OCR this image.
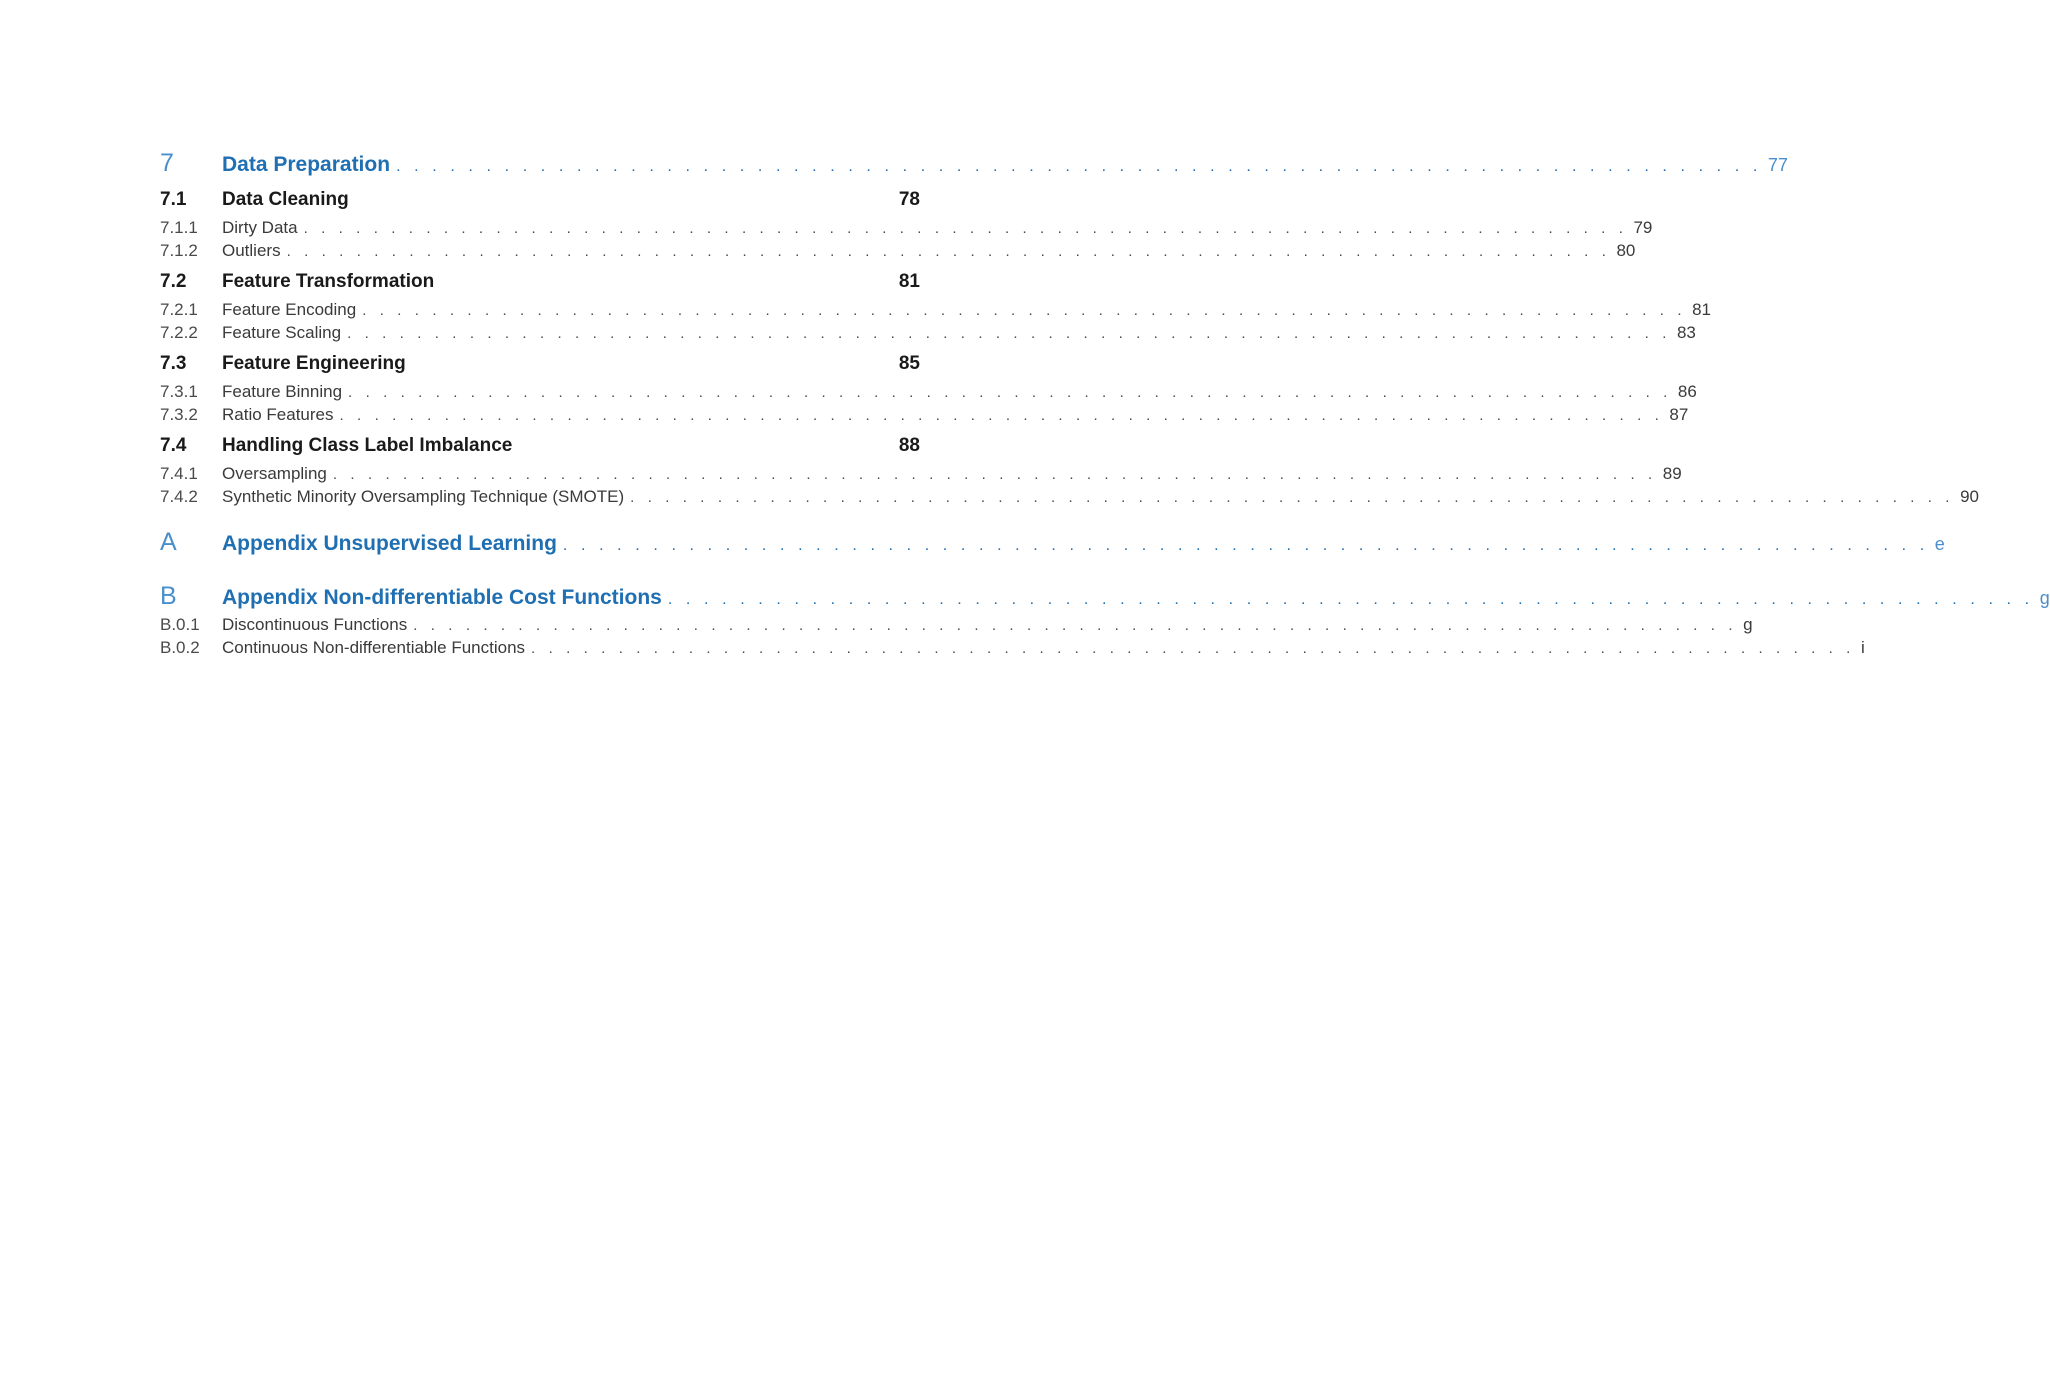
7	Data Preparation . . . . . . . . . . . . . . . . . . . . . . . . . . . . . . . . . . . . . . . . . . . . . . . . . . . . . . . . . . . . . . . . . . . . . . . . . . . . 77
7.1	Data Cleaning	78
7.1.1	Dirty Data . . . . . . . . . . . . . . . . . . . . . . . . . . . . . . . . . . . . . . . . . . . . . . . . . . . . . . . . . . . . . . . . . . . . . . . . . . . . 79
7.1.2	Outliers . . . . . . . . . . . . . . . . . . . . . . . . . . . . . . . . . . . . . . . . . . . . . . . . . . . . . . . . . . . . . . . . . . . . . . . . . . . . 80
7.2	Feature Transformation	81
7.2.1	Feature Encoding . . . . . . . . . . . . . . . . . . . . . . . . . . . . . . . . . . . . . . . . . . . . . . . . . . . . . . . . . . . . . . . . . . . . . . . . . . . . 81
7.2.2	Feature Scaling . . . . . . . . . . . . . . . . . . . . . . . . . . . . . . . . . . . . . . . . . . . . . . . . . . . . . . . . . . . . . . . . . . . . . . . . . . . . 83
7.3	Feature Engineering	85
7.3.1	Feature Binning . . . . . . . . . . . . . . . . . . . . . . . . . . . . . . . . . . . . . . . . . . . . . . . . . . . . . . . . . . . . . . . . . . . . . . . . . . . . 86
7.3.2	Ratio Features . . . . . . . . . . . . . . . . . . . . . . . . . . . . . . . . . . . . . . . . . . . . . . . . . . . . . . . . . . . . . . . . . . . . . . . . . . . . 87
7.4	Handling Class Label Imbalance	88
7.4.1	Oversampling . . . . . . . . . . . . . . . . . . . . . . . . . . . . . . . . . . . . . . . . . . . . . . . . . . . . . . . . . . . . . . . . . . . . . . . . . . . . 89
7.4.2	Synthetic Minority Oversampling Technique (SMOTE) . . . . . . . . . . . . . . . . . . . . . . . . . . . . . . . . . . . . . . . . . . . . . . . . . . . . . . . . . . . . . . . . . . . . . . . . . . . . 90
A	Appendix Unsupervised Learning . . . . . . . . . . . . . . . . . . . . . . . . . . . . . . . . . . . . . . . . . . . . . . . . . . . . . . . . . . . . . . . . . . . . . . . . . . . . e
B	Appendix Non-differentiable Cost Functions . . . . . . . . . . . . . . . . . . . . . . . . . . . . . . . . . . . . . . . . . . . . . . . . . . . . . . . . . . . . . . . . . . . . . . . . . . . . g
B.0.1	Discontinuous Functions . . . . . . . . . . . . . . . . . . . . . . . . . . . . . . . . . . . . . . . . . . . . . . . . . . . . . . . . . . . . . . . . . . . . . . . . . . . . g
B.0.2	Continuous Non-differentiable Functions . . . . . . . . . . . . . . . . . . . . . . . . . . . . . . . . . . . . . . . . . . . . . . . . . . . . . . . . . . . . . . . . . . . . . . . . . . . . i
